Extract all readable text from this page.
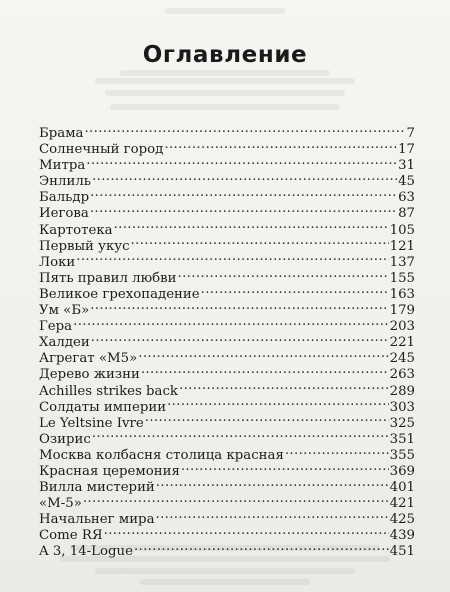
Оглавление
Брама .....	7
Солнечный город .....	17
Митра .....	31
Энлиль .....	45
Бальдр .....	63
Иегова .....	87
Картотека .....	105
Первый укус .....	121
Локи .....	137
Пять правил любви .....	155
Великое грехопадение .....	163
Ум «Б» .....	179
Гера .....	203
Халдеи .....	221
Агрегат «М5» .....	245
Дерево жизни .....	263
Achilles strikes back .....	289
Солдаты империи .....	303
Le Yeltsine Ivre .....	325
Озирис .....	351
Москва колбасня столица красная .....	355
Красная церемония .....	369
Вилла мистерий .....	401
«М-5» .....	421
Начальнег мира .....	425
Come RЯ .....	439
A 3, 14-Logue .....	451
